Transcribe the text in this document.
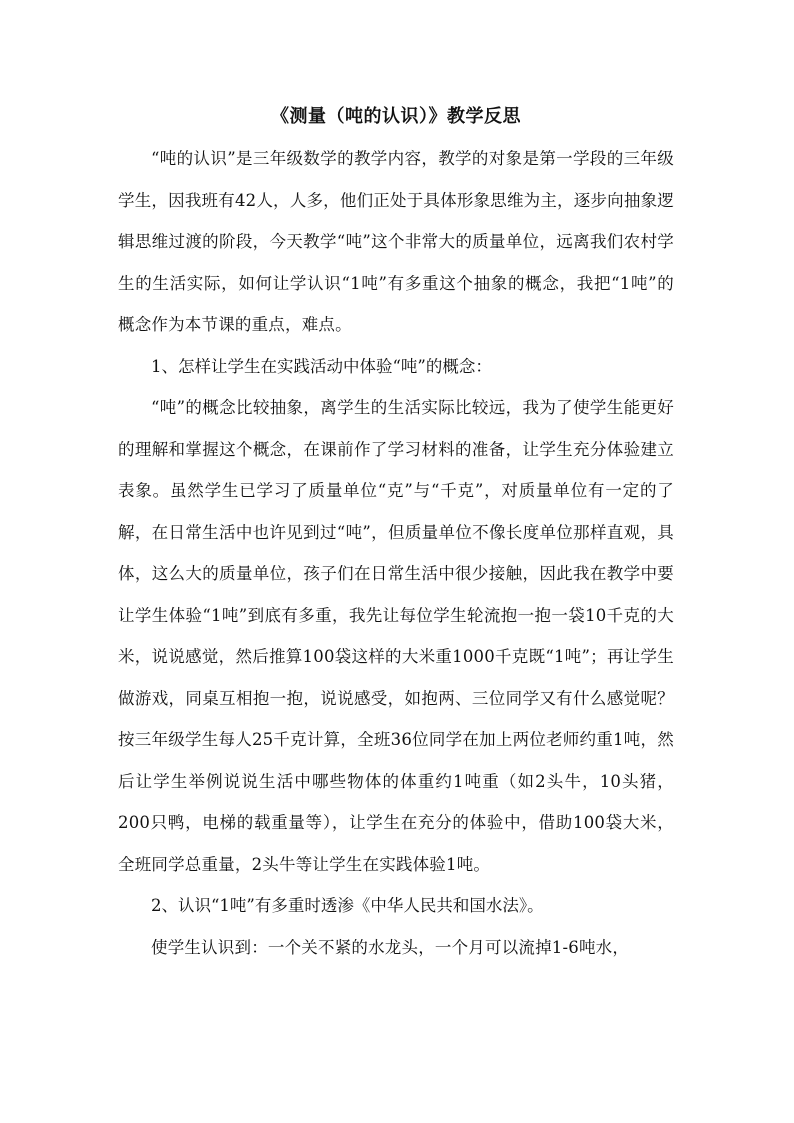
《测量（吨的认识）》教学反思

“吨的认识”是三年级数学的教学内容，教学的对象是第一学段的三年级学生，因我班有42人，人多，他们正处于具体形象思维为主，逐步向抽象逻辑思维过渡的阶段，今天教学“吨”这个非常大的质量单位，远离我们农村学生的生活实际，如何让学认识“1吨”有多重这个抽象的概念，我把“1吨”的概念作为本节课的重点，难点。

1、怎样让学生在实践活动中体验“吨”的概念：

“吨”的概念比较抽象，离学生的生活实际比较远，我为了使学生能更好的理解和掌握这个概念，在课前作了学习材料的准备，让学生充分体验建立表象。虽然学生已学习了质量单位“克”与“千克”，对质量单位有一定的了解，在日常生活中也许见到过“吨”，但质量单位不像长度单位那样直观，具体，这么大的质量单位，孩子们在日常生活中很少接触，因此我在教学中要让学生体验“1吨”到底有多重，我先让每位学生轮流抱一抱一袋10千克的大米，说说感觉，然后推算100袋这样的大米重1000千克既“1吨”；再让学生做游戏，同桌互相抱一抱，说说感受，如抱两、三位同学又有什么感觉呢？按三年级学生每人25千克计算，全班36位同学在加上两位老师约重1吨，然后让学生举例说说生活中哪些物体的体重约1吨重（如2头牛，10头猪，200只鸭，电梯的载重量等），让学生在充分的体验中，借助100袋大米，全班同学总重量，2头牛等让学生在实践体验1吨。

2、认识“1吨”有多重时透渗《中华人民共和国水法》。

使学生认识到：一个关不紧的水龙头，一个月可以流掉1-6吨水，
